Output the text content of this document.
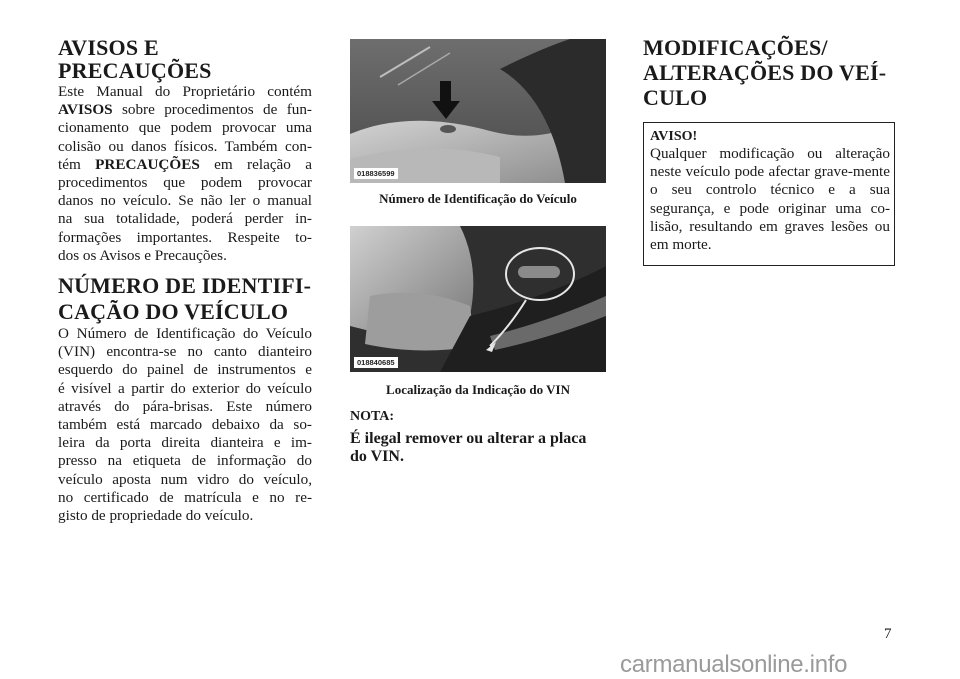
AVISOS E PRECAUÇÕES
Este Manual do Proprietário contém
AVISOS sobre procedimentos de fun-
cionamento que podem provocar uma
colisão ou danos físicos. Também con-
tém PRECAUÇÕES em relação a
procedimentos que podem provocar
danos no veículo. Se não ler o manual
na sua totalidade, poderá perder in-
formações importantes. Respeite to-
dos os Avisos e Precauções.
NÚMERO DE IDENTIFI-
CAÇÃO DO VEÍCULO
O Número de Identificação do Veículo
(VIN) encontra-se no canto dianteiro
esquerdo do painel de instrumentos e
é visível a partir do exterior do veículo
através do pára-brisas. Este número
também está marcado debaixo da so-
leira da porta direita dianteira e im-
presso na etiqueta de informação do
veículo aposta num vidro do veículo,
no certificado de matrícula e no re-
gisto de propriedade do veículo.
018836599
Número de Identificação do Veículo
018840685
Localização da Indicação do VIN

NOTA:

É ilegal remover ou alterar a placa do VIN.

MODIFICAÇÕES/
ALTERAÇÕES DO VEÍ-
CULO

AVISO!

Qualquer modificação ou alteração neste veículo pode afectar grave-mente o seu controlo técnico e a sua segurança, e pode originar uma co-lisão, resultando em graves lesões ou em morte.

7
carmanualsonline.info
